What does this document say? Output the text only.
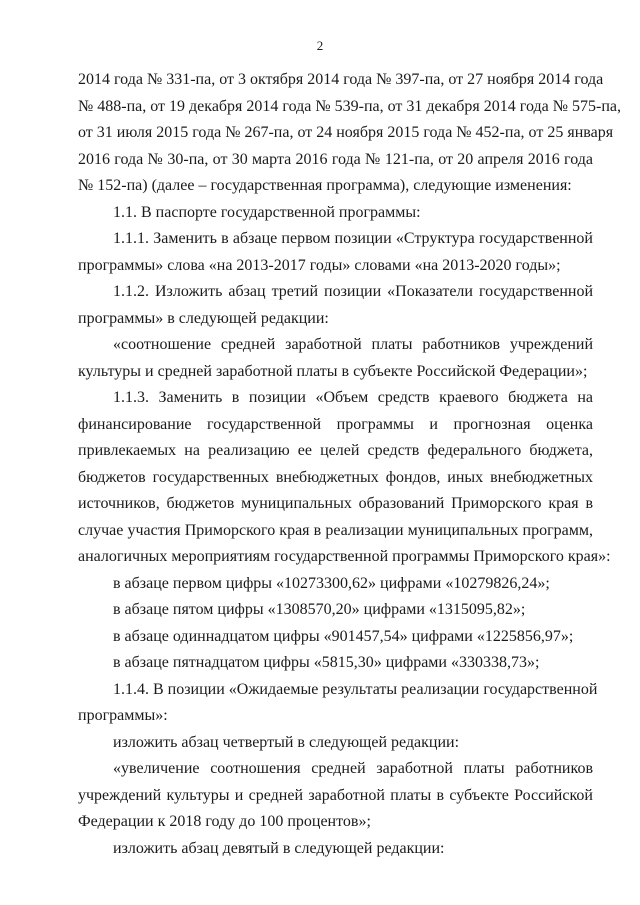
2
2014 года № 331-па, от 3 октября 2014 года № 397-па, от 27 ноября 2014 года
№ 488-па, от 19 декабря 2014 года № 539-па, от 31 декабря 2014 года № 575-па,
от 31 июля 2015 года № 267-па, от 24 ноября 2015 года № 452-па, от 25 января
2016 года № 30-па, от 30 марта 2016 года № 121-па, от 20 апреля 2016 года
№ 152-па) (далее – государственная программа), следующие изменения:
1.1. В паспорте государственной программы:
1.1.1. Заменить в абзаце первом позиции «Структура государственной
программы» слова «на 2013-2017 годы» словами «на 2013-2020 годы»;
1.1.2. Изложить абзац третий позиции «Показатели государственной
программы» в следующей редакции:
«соотношение средней заработной платы работников учреждений
культуры и средней заработной платы в субъекте Российской Федерации»;
1.1.3. Заменить в позиции «Объем средств краевого бюджета на
финансирование государственной программы и прогнозная оценка
привлекаемых на реализацию ее целей средств федерального бюджета,
бюджетов государственных внебюджетных фондов, иных внебюджетных
источников, бюджетов муниципальных образований Приморского края в
случае участия Приморского края в реализации муниципальных программ,
аналогичных мероприятиям государственной программы Приморского края»:
в абзаце первом цифры «10273300,62» цифрами «10279826,24»;
в абзаце пятом цифры «1308570,20» цифрами «1315095,82»;
в абзаце одиннадцатом цифры «901457,54» цифрами «1225856,97»;
в абзаце пятнадцатом цифры «5815,30» цифрами «330338,73»;
1.1.4. В позиции «Ожидаемые результаты реализации государственной
программы»:
изложить абзац четвертый в следующей редакции:
«увеличение соотношения средней заработной платы работников
учреждений культуры и средней заработной платы в субъекте Российской
Федерации к 2018 году до 100 процентов»;
изложить абзац девятый в следующей редакции:
